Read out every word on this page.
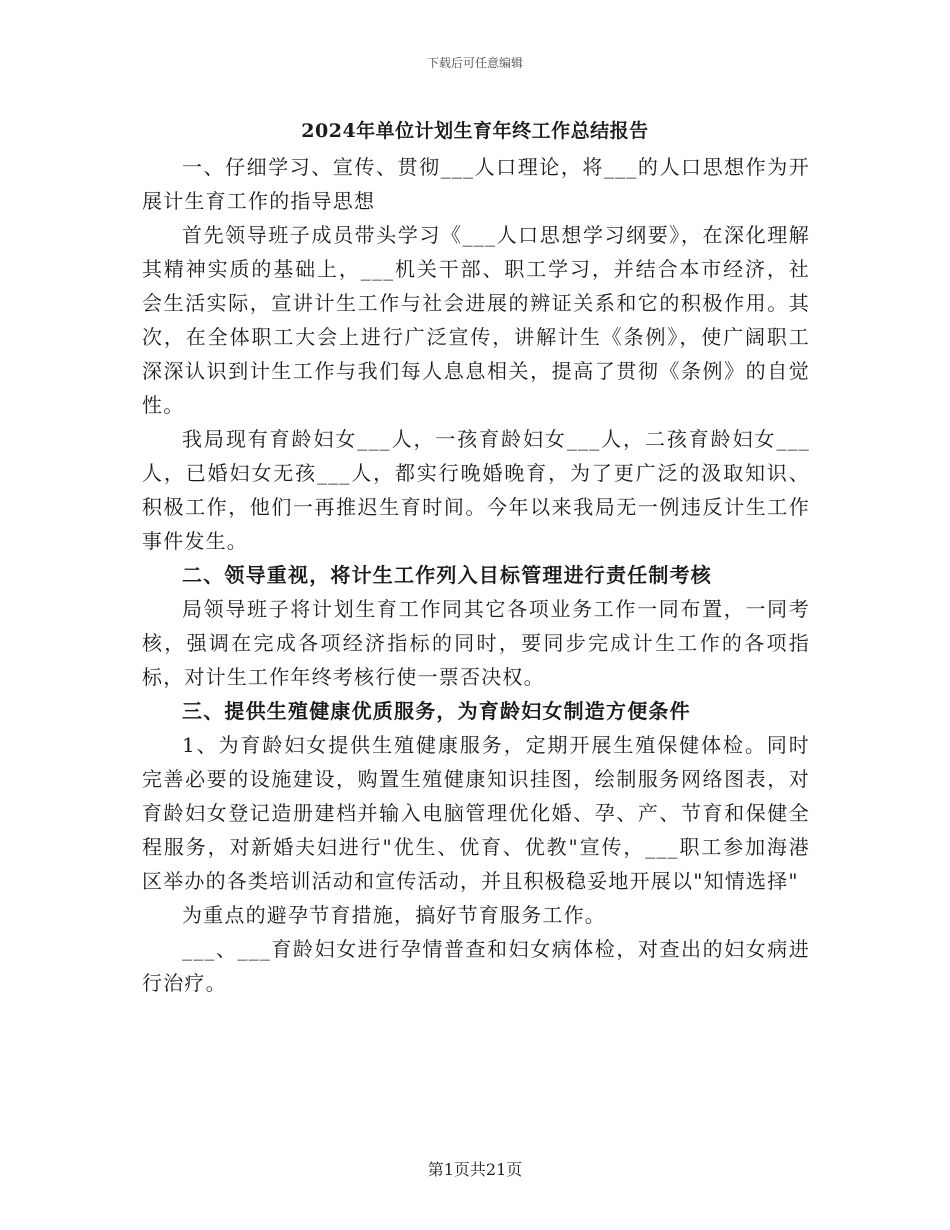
下载后可任意编辑
2024年单位计划生育年终工作总结报告

一、仔细学习、宣传、贯彻___人口理论，将___的人口思想作为开展计生育工作的指导思想

首先领导班子成员带头学习《___人口思想学习纲要》，在深化理解其精神实质的基础上，___机关干部、职工学习，并结合本市经济，社会生活实际，宣讲计生工作与社会进展的辨证关系和它的积极作用。其次，在全体职工大会上进行广泛宣传，讲解计生《条例》，使广阔职工深深认识到计生工作与我们每人息息相关，提高了贯彻《条例》的自觉性。

我局现有育龄妇女___人，一孩育龄妇女___人，二孩育龄妇女___人，已婚妇女无孩___人，都实行晚婚晚育，为了更广泛的汲取知识、积极工作，他们一再推迟生育时间。今年以来我局无一例违反计生工作事件发生。

二、领导重视，将计生工作列入目标管理进行责任制考核

局领导班子将计划生育工作同其它各项业务工作一同布置，一同考核，强调在完成各项经济指标的同时，要同步完成计生工作的各项指标，对计生工作年终考核行使一票否决权。

三、提供生殖健康优质服务，为育龄妇女制造方便条件

1、为育龄妇女提供生殖健康服务，定期开展生殖保健体检。同时完善必要的设施建设，购置生殖健康知识挂图，绘制服务网络图表，对育龄妇女登记造册建档并输入电脑管理优化婚、孕、产、节育和保健全程服务，对新婚夫妇进行"优生、优育、优教"宣传，___职工参加海港区举办的各类培训活动和宣传活动，并且积极稳妥地开展以"知情选择"

为重点的避孕节育措施，搞好节育服务工作。

___、___育龄妇女进行孕情普查和妇女病体检，对查出的妇女病进行治疗。

第1页共21页
